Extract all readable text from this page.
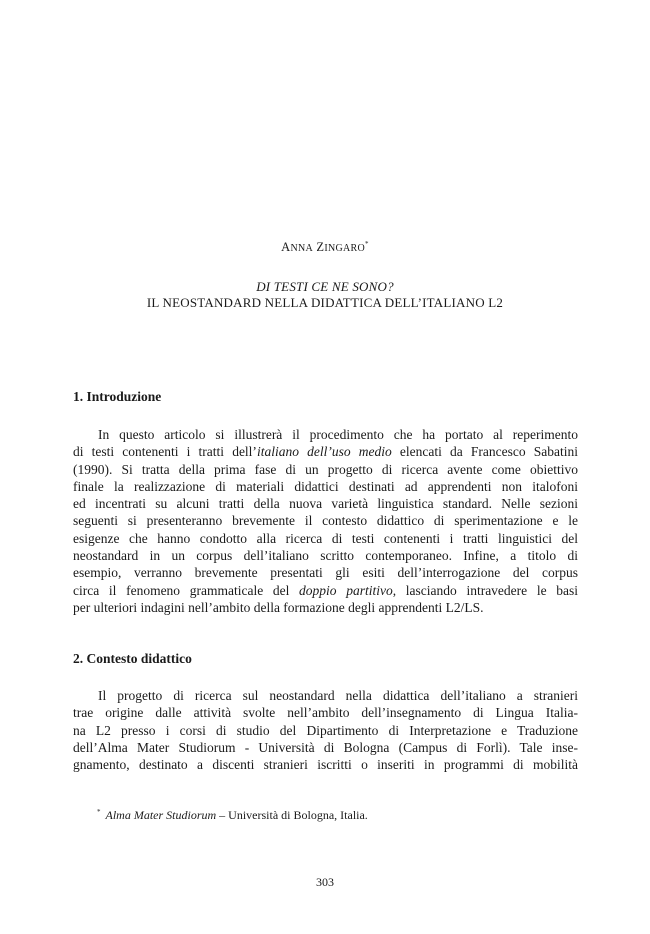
ANNA ZINGARO*
DI TESTI CE NE SONO?
IL NEOSTANDARD NELLA DIDATTICA DELL’ITALIANO L2
1. Introduzione
In questo articolo si illustrerà il procedimento che ha portato al reperimento
di testi contenenti i tratti dell’italiano dell’uso medio elencati da Francesco Sabatini
(1990). Si tratta della prima fase di un progetto di ricerca avente come obiettivo
finale la realizzazione di materiali didattici destinati ad apprendenti non italofoni
ed incentrati su alcuni tratti della nuova varietà linguistica standard. Nelle sezioni
seguenti si presenteranno brevemente il contesto didattico di sperimentazione e le
esigenze che hanno condotto alla ricerca di testi contenenti i tratti linguistici del
neostandard in un corpus dell’italiano scritto contemporaneo. Infine, a titolo di
esempio, verranno brevemente presentati gli esiti dell’interrogazione del corpus
circa il fenomeno grammaticale del doppio partitivo, lasciando intravedere le basi
per ulteriori indagini nell’ambito della formazione degli apprendenti L2/LS.
2. Contesto didattico
Il progetto di ricerca sul neostandard nella didattica dell’italiano a stranieri
trae origine dalle attività svolte nell’ambito dell’insegnamento di Lingua Italia-
na L2 presso i corsi di studio del Dipartimento di Interpretazione e Traduzione
dell’Alma Mater Studiorum - Università di Bologna (Campus di Forlì). Tale inse-
gnamento, destinato a discenti stranieri iscritti o inseriti in programmi di mobilità
* Alma Mater Studiorum – Università di Bologna, Italia.
303
